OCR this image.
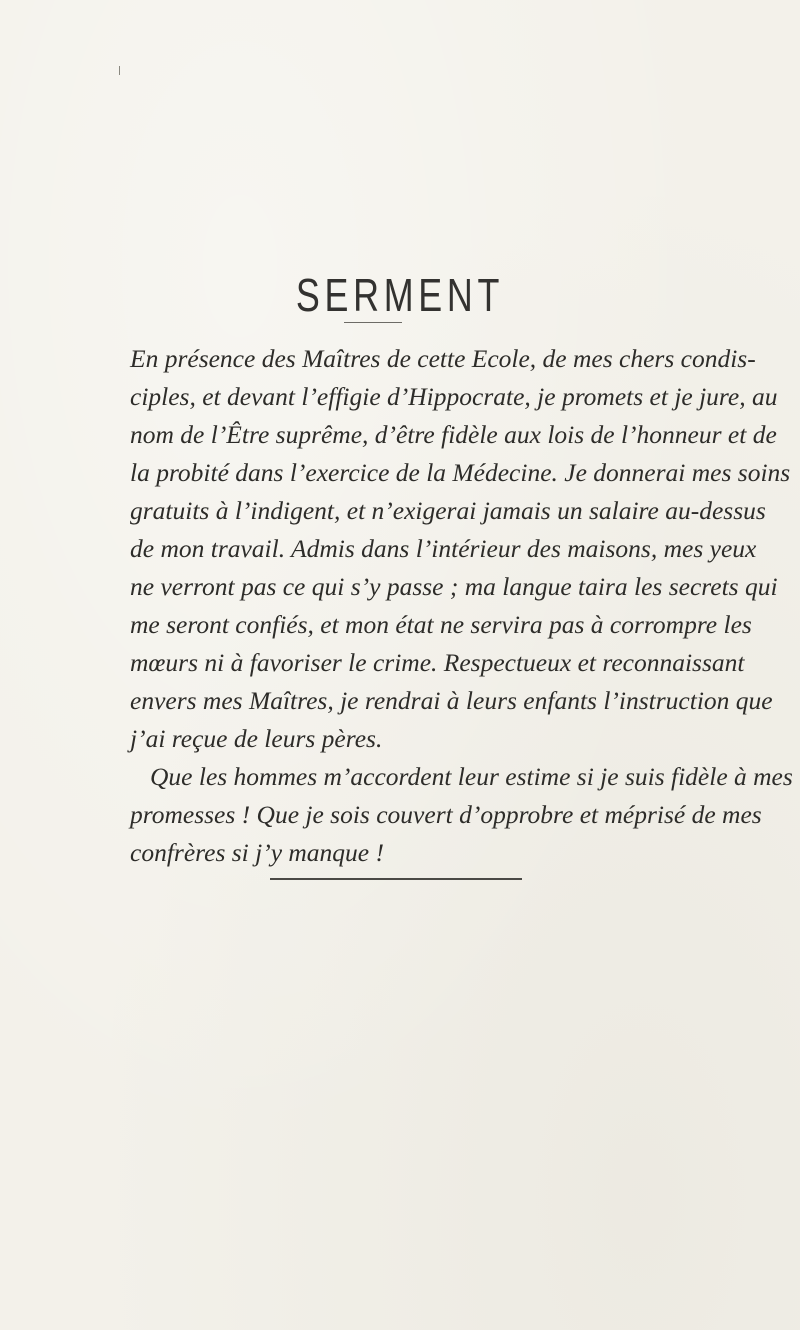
SERMENT
En présence des Maîtres de cette Ecole, de mes chers condis-
ciples, et devant l’effigie d’Hippocrate, je promets et je jure, au
nom de l’Être suprême, d’être fidèle aux lois de l’honneur et de
la probité dans l’exercice de la Médecine. Je donnerai mes soins
gratuits à l’indigent, et n’exigerai jamais un salaire au-dessus
de mon travail. Admis dans l’intérieur des maisons, mes yeux
ne verront pas ce qui s’y passe ; ma langue taira les secrets qui
me seront confiés, et mon état ne servira pas à corrompre les
mœurs ni à favoriser le crime. Respectueux et reconnaissant
envers mes Maîtres, je rendrai à leurs enfants l’instruction que
j’ai reçue de leurs pères.
Que les hommes m’accordent leur estime si je suis fidèle à mes
promesses ! Que je sois couvert d’opprobre et méprisé de mes
confrères si j’y manque !
